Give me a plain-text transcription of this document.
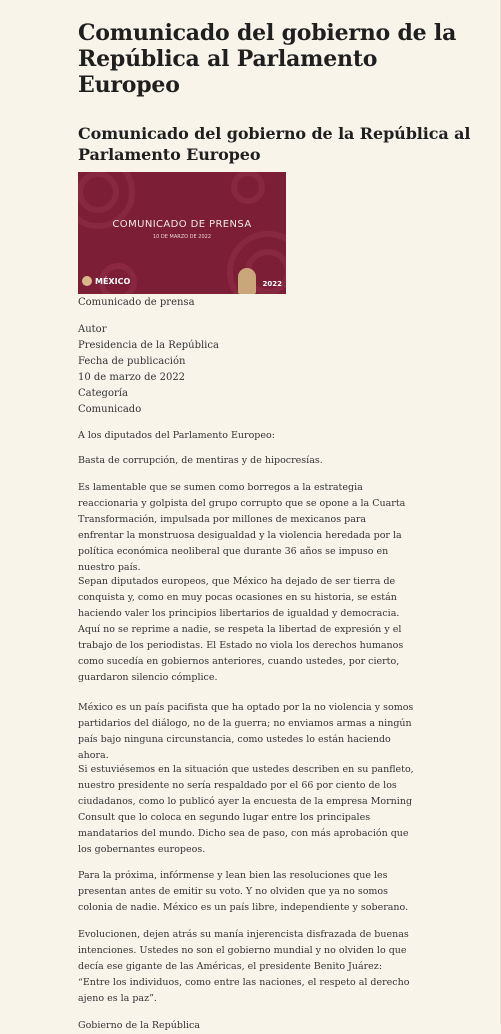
Comunicado del gobierno de la República al Parlamento Europeo
Comunicado del gobierno de la República al Parlamento Europeo
COMUNICADO DE PRENSA
10 DE MARZO DE 2022
MÉXICO	2022
Comunicado de prensa
Autor
Presidencia de la República
Fecha de publicación
10 de marzo de 2022
Categoría
Comunicado

A los diputados del Parlamento Europeo:

Basta de corrupción, de mentiras y de hipocresías.

Es lamentable que se sumen como borregos a la estrategia reaccionaria y golpista del grupo corrupto que se opone a la Cuarta Transformación, impulsada por millones de mexicanos para enfrentar la monstruosa desigualdad y la violencia heredada por la política económica neoliberal que durante 36 años se impuso en nuestro país.

Sepan diputados europeos, que México ha dejado de ser tierra de conquista y, como en muy pocas ocasiones en su historia, se están haciendo valer los principios libertarios de igualdad y democracia. Aquí no se reprime a nadie, se respeta la libertad de expresión y el trabajo de los periodistas. El Estado no viola los derechos humanos como sucedía en gobiernos anteriores, cuando ustedes, por cierto, guardaron silencio cómplice.

México es un país pacifista que ha optado por la no violencia y somos partidarios del diálogo, no de la guerra; no enviamos armas a ningún país bajo ninguna circunstancia, como ustedes lo están haciendo ahora.

Si estuviésemos en la situación que ustedes describen en su panfleto, nuestro presidente no sería respaldado por el 66 por ciento de los ciudadanos, como lo publicó ayer la encuesta de la empresa Morning Consult que lo coloca en segundo lugar entre los principales mandatarios del mundo. Dicho sea de paso, con más aprobación que los gobernantes europeos.

Para la próxima, infórmense y lean bien las resoluciones que les presentan antes de emitir su voto. Y no olviden que ya no somos colonia de nadie. México es un país libre, independiente y soberano.

Evolucionen, dejen atrás su manía injerencista disfrazada de buenas intenciones. Ustedes no son el gobierno mundial y no olviden lo que decía ese gigante de las Américas, el presidente Benito Juárez: “Entre los individuos, como entre las naciones, el respeto al derecho ajeno es la paz”.

Gobierno de la República
